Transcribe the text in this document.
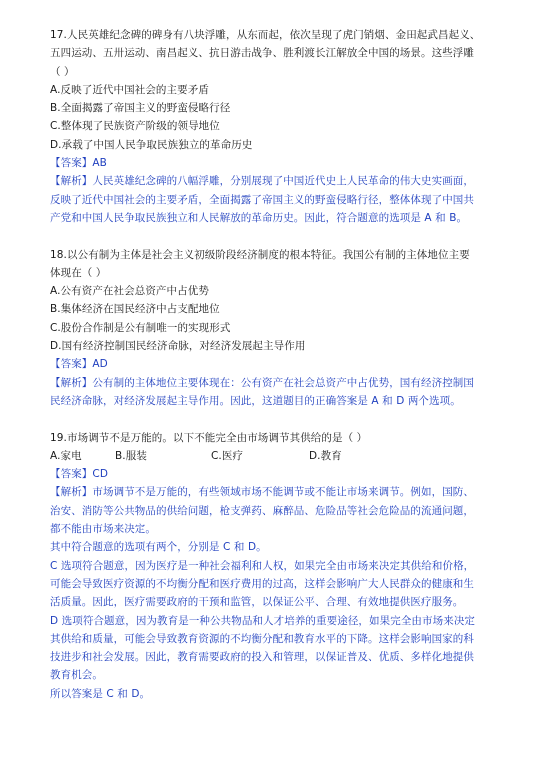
17.人民英雄纪念碑的碑身有八块浮雕，从东而起，依次呈现了虎门销烟、金田起武昌起义、
五四运动、五卅运动、南昌起义、抗日游击战争、胜利渡长江解放全中国的场景。这些浮雕
（ ）
A.反映了近代中国社会的主要矛盾
B.全面揭露了帝国主义的野蛮侵略行径
C.整体现了民族资产阶级的领导地位
D.承载了中国人民争取民族独立的革命历史
【答案】AB
【解析】人民英雄纪念碑的八幅浮雕，分别展现了中国近代史上人民革命的伟大史实画面，
反映了近代中国社会的主要矛盾，全面揭露了帝国主义的野蛮侵略行径，整体体现了中国共
产党和中国人民争取民族独立和人民解放的革命历史。因此，符合题意的选项是 A 和 B。
18.以公有制为主体是社会主义初级阶段经济制度的根本特征。我国公有制的主体地位主要
体现在（ ）
A.公有资产在社会总资产中占优势
B.集体经济在国民经济中占支配地位
C.股份合作制是公有制唯一的实现形式
D.国有经济控制国民经济命脉，对经济发展起主导作用
【答案】AD
【解析】公有制的主体地位主要体现在：公有资产在社会总资产中占优势，国有经济控制国
民经济命脉，对经济发展起主导作用。因此，这道题目的正确答案是 A 和 D 两个选项。
19.市场调节不是万能的。以下不能完全由市场调节其供给的是（ ）
A.家电	B.服装	C.医疗	D.教育
【答案】CD
【解析】市场调节不是万能的，有些领域市场不能调节或不能让市场来调节。例如，国防、
治安、消防等公共物品的供给问题，枪支弹药、麻醉品、危险品等社会危险品的流通问题，
都不能由市场来决定。
其中符合题意的选项有两个，分别是 C 和 D。
C 选项符合题意，因为医疗是一种社会福利和人权，如果完全由市场来决定其供给和价格，
可能会导致医疗资源的不均衡分配和医疗费用的过高，这样会影响广大人民群众的健康和生
活质量。因此，医疗需要政府的干预和监管，以保证公平、合理、有效地提供医疗服务。
D 选项符合题意，因为教育是一种公共物品和人才培养的重要途径，如果完全由市场来决定
其供给和质量，可能会导致教育资源的不均衡分配和教育水平的下降。这样会影响国家的科
技进步和社会发展。因此，教育需要政府的投入和管理，以保证普及、优质、多样化地提供
教育机会。
所以答案是 C 和 D。
